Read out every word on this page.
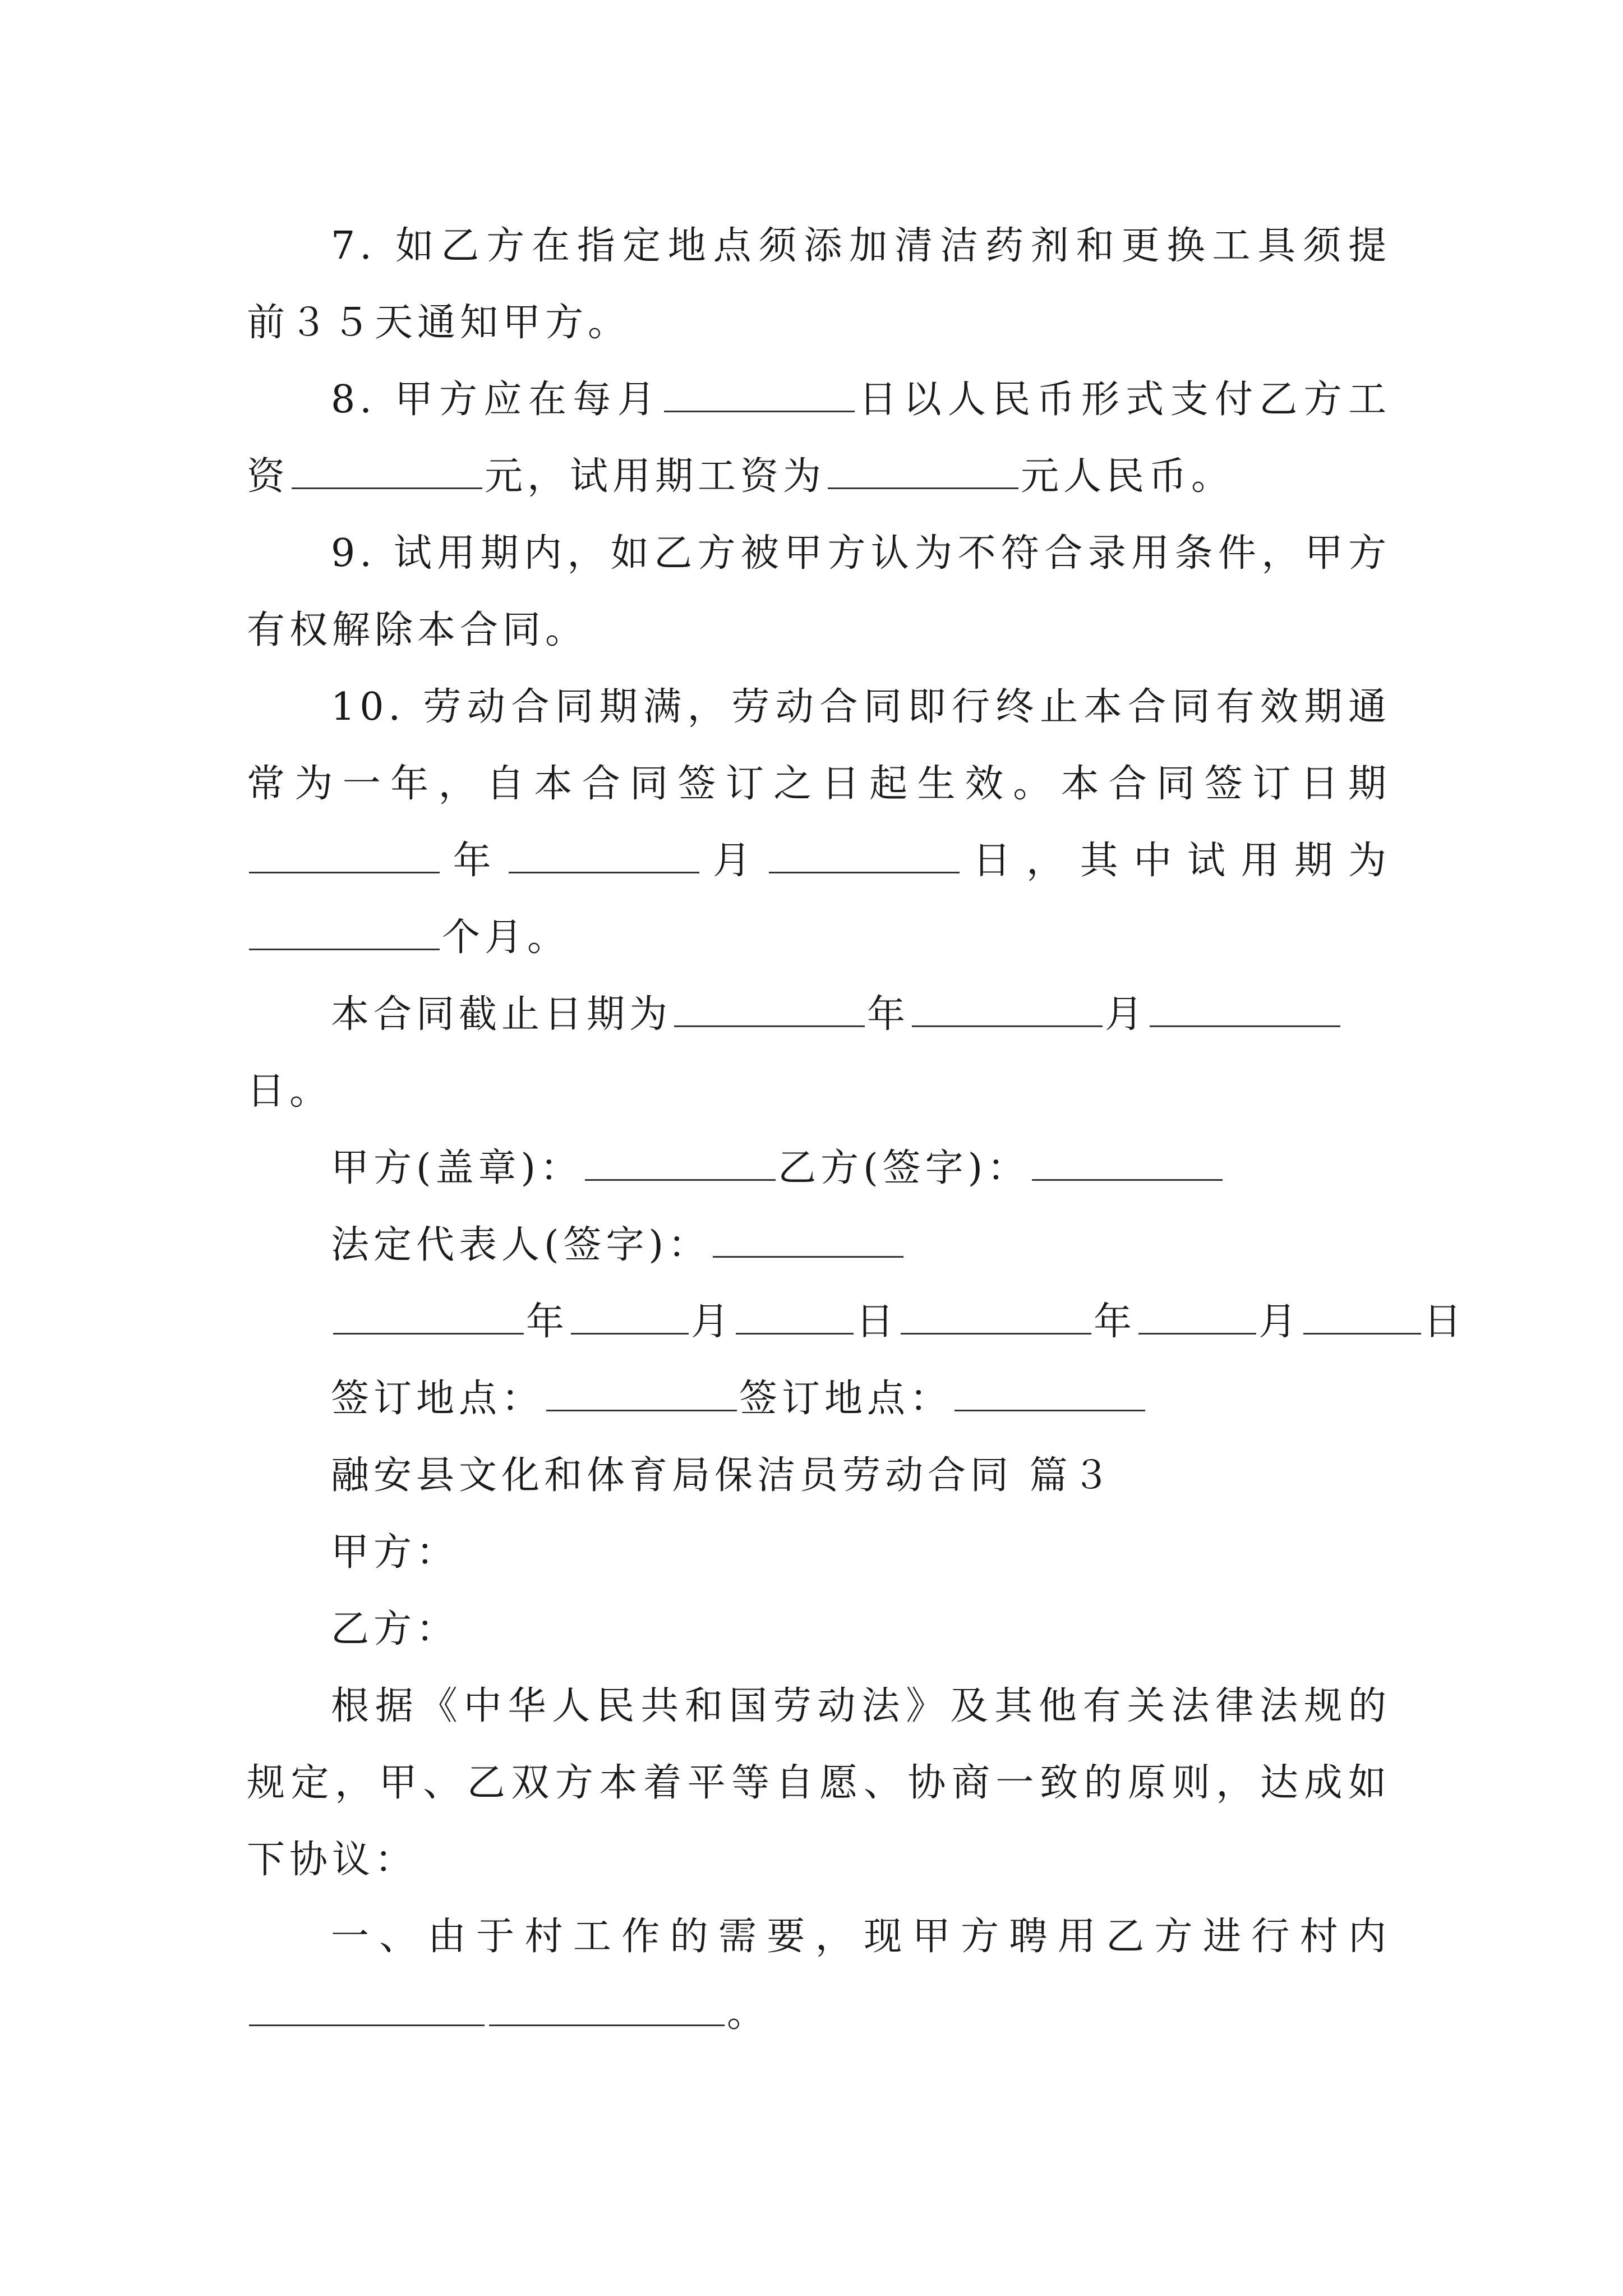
7. 如乙方在指定地点须添加清洁药剂和更换工具须提
前３５天通知甲方。
8. 甲方应在每月	日以人民币形式支付乙方工
资	元，试用期工资为	元人民币。
9. 试用期内，如乙方被甲方认为不符合录用条件，甲方
有权解除本合同。
10. 劳动合同期满，劳动合同即行终止本合同有效期通
常为一年，自本合同签订之日起生效。本合同签订日期
年	月	日，其中试用期为
个月。
本合同截止日期为	年	月
日。
甲方(盖章)：	乙方(签字)：
法定代表人(签字)：
年	月	日	年	月	日
签订地点：	签订地点：
融安县文化和体育局保洁员劳动合同 篇３
甲方：
乙方：
根据《中华人民共和国劳动法》及其他有关法律法规的
规定，甲、乙双方本着平等自愿、协商一致的原则，达成如
下协议：
一、由于村工作的需要，现甲方聘用乙方进行村内
。
